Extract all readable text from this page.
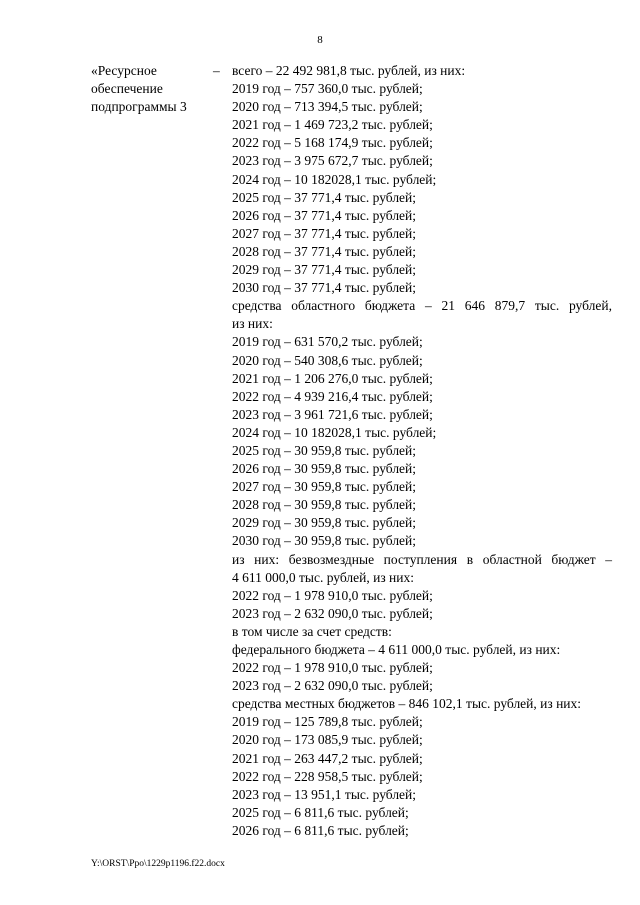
8
«Ресурсное
обеспечение
подпрограммы 3
– всего – 22 492 981,8 тыс. рублей, из них:
2019 год – 757 360,0 тыс. рублей;
2020 год – 713 394,5 тыс. рублей;
2021 год – 1 469 723,2 тыс. рублей;
2022 год – 5 168 174,9 тыс. рублей;
2023 год – 3 975 672,7 тыс. рублей;
2024 год – 10 182028,1 тыс. рублей;
2025 год – 37 771,4 тыс. рублей;
2026 год – 37 771,4 тыс. рублей;
2027 год – 37 771,4 тыс. рублей;
2028 год – 37 771,4 тыс. рублей;
2029 год – 37 771,4 тыс. рублей;
2030 год – 37 771,4 тыс. рублей;
средства областного бюджета – 21 646 879,7 тыс. рублей,
из них:
2019 год – 631 570,2 тыс. рублей;
2020 год – 540 308,6 тыс. рублей;
2021 год – 1 206 276,0 тыс. рублей;
2022 год – 4 939 216,4 тыс. рублей;
2023 год – 3 961 721,6 тыс. рублей;
2024 год – 10 182028,1 тыс. рублей;
2025 год – 30 959,8 тыс. рублей;
2026 год – 30 959,8 тыс. рублей;
2027 год – 30 959,8 тыс. рублей;
2028 год – 30 959,8 тыс. рублей;
2029 год – 30 959,8 тыс. рублей;
2030 год – 30 959,8 тыс. рублей;
из них: безвозмездные поступления в областной бюджет –
4 611 000,0 тыс. рублей, из них:
2022 год – 1 978 910,0 тыс. рублей;
2023 год – 2 632 090,0 тыс. рублей;
в том числе за счет средств:
федерального бюджета – 4 611 000,0 тыс. рублей, из них:
2022 год – 1 978 910,0 тыс. рублей;
2023 год – 2 632 090,0 тыс. рублей;
средства местных бюджетов – 846 102,1 тыс. рублей, из них:
2019 год – 125 789,8 тыс. рублей;
2020 год – 173 085,9 тыс. рублей;
2021 год – 263 447,2 тыс. рублей;
2022 год – 228 958,5 тыс. рублей;
2023 год – 13 951,1 тыс. рублей;
2025 год – 6 811,6 тыс. рублей;
2026 год – 6 811,6 тыс. рублей;
Y:\ORST\Ppo\1229p1196.f22.docx
